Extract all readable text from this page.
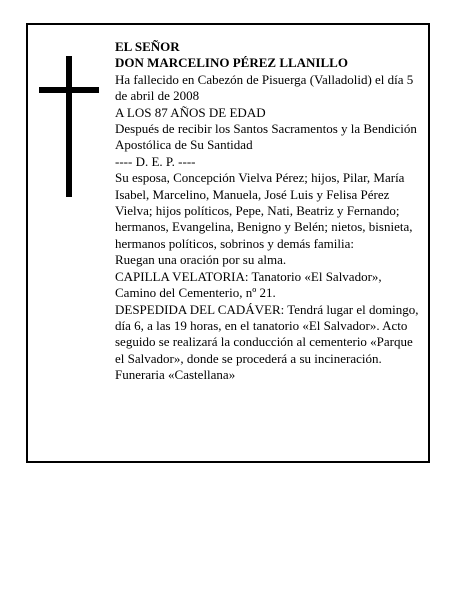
EL SEÑOR

DON MARCELINO PÉREZ LLANILLO

Ha fallecido en Cabezón de Pisuerga (Valladolid) el día 5 de abril de 2008

A LOS 87 AÑOS DE EDAD

Después de recibir los Santos Sacramentos y la Bendición Apostólica de Su Santidad

---- D. E. P. ----

Su esposa, Concepción Vielva Pérez; hijos, Pilar, María Isabel, Marcelino, Manuela, José Luis y Felisa Pérez Vielva; hijos políticos, Pepe, Nati, Beatriz y Fernando; hermanos, Evangelina, Benigno y Belén; nietos, bisnieta, hermanos políticos, sobrinos y demás familia:

Ruegan una oración por su alma.

CAPILLA VELATORIA: Tanatorio «El Salvador», Camino del Cementerio, nº 21.

DESPEDIDA DEL CADÁVER: Tendrá lugar el domingo, día 6, a las 19 horas, en el tanatorio «El Salvador». Acto seguido se realizará la conducción al cementerio «Parque el Salvador», donde se procederá a su incineración.

Funeraria «Castellana»
